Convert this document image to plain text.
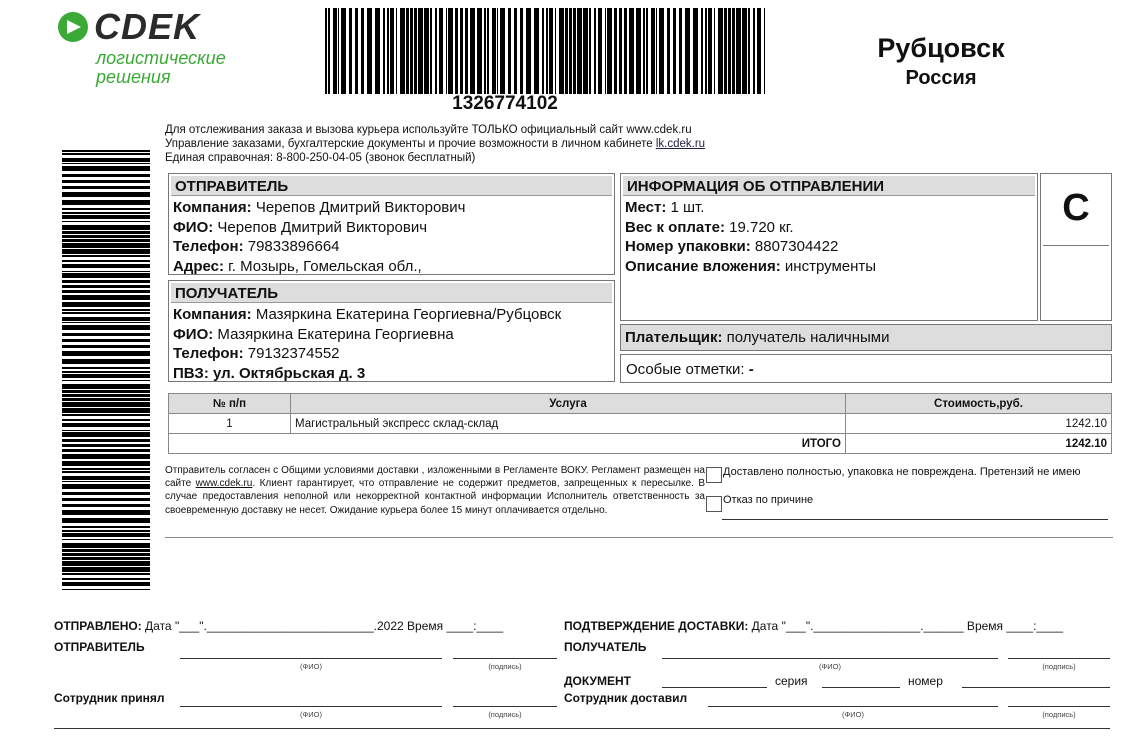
CDEK
логистические
решения
1326774102
Рубцовск
Россия
Для отслеживания заказа и вызова курьера используйте ТОЛЬКО официальный сайт www.cdek.ru
Управление заказами, бухгалтерские документы и прочие возможности в личном кабинете lk.cdek.ru
Единая справочная: 8-800-250-04-05 (звонок бесплатный)
ОТПРАВИТЕЛЬ
Компания: Черепов Дмитрий Викторович
ФИО: Черепов Дмитрий Викторович
Телефон: 79833896664
Адрес: г. Мозырь, Гомельская обл.,
ПОЛУЧАТЕЛЬ
Компания: Мазяркина Екатерина Георгиевна/Рубцовск
ФИО: Мазяркина Екатерина Георгиевна
Телефон: 79132374552
ПВЗ: ул. Октябрьская д. 3
ИНФОРМАЦИЯ ОБ ОТПРАВЛЕНИИ
Мест: 1 шт.
Вес к оплате: 19.720 кг.
Номер упаковки: 8807304422
Описание вложения: инструменты
C
Плательщик: получатель наличными
Особые отметки: -
№ п/п	Услуга	Стоимость,руб.
1	Магистральный экспресс склад-склад	1242.10
ИТОГО		1242.10
Отправитель согласен с Общими условиями доставки , изложенными в Регламенте ВОКУ. Регламент размещен на сайте www.cdek.ru. Клиент гарантирует, что отправление не содержит предметов, запрещенных к пересылке. В случае предоставления неполной или некорректной контактной информации Исполнитель ответственность за своевременную доставку не несет. Ожидание курьера более 15 минут оплачивается отдельно.
Доставлено полностью, упаковка не повреждена. Претензий не имею
Отказ по причине
ОТПРАВЛЕНО: Дата "___"._________________________.2022 Время ____:____
ОТПРАВИТЕЛЬ
(ФИО)	(подпись)
Сотрудник принял
(ФИО)	(подпись)
ПОДТВЕРЖДЕНИЕ ДОСТАВКИ: Дата "___".________________.______ Время ____:____
ПОЛУЧАТЕЛЬ
(ФИО)	(подпись)
ДОКУМЕНТ	серия	номер
Сотрудник доставил
(ФИО)	(подпись)
